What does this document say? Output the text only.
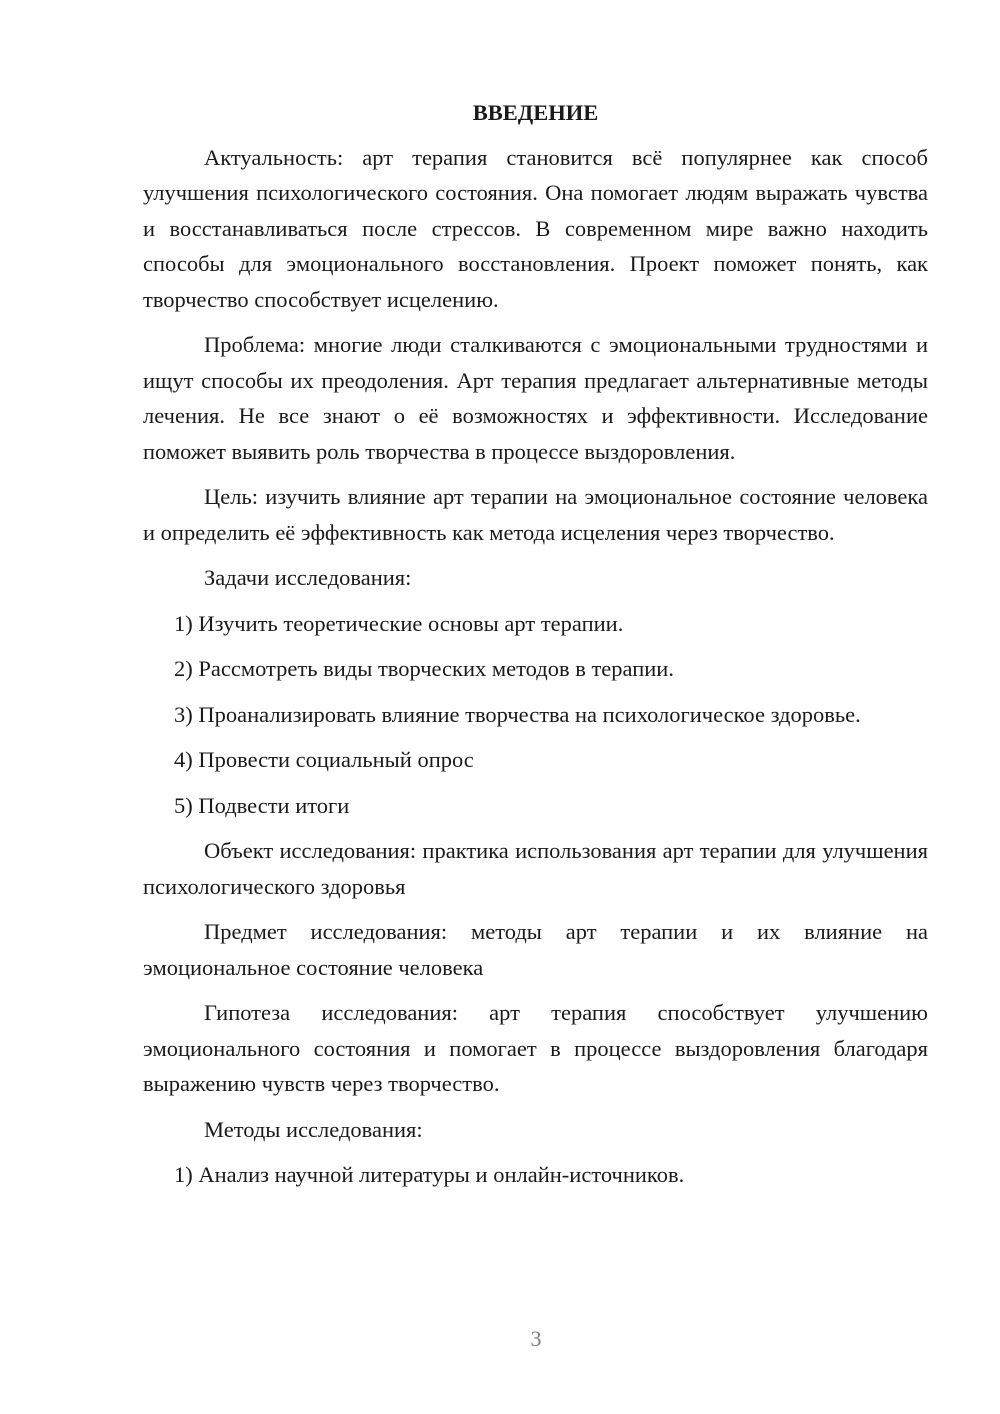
ВВЕДЕНИЕ

Актуальность: арт терапия становится всё популярнее как способ улучшения психологического состояния. Она помогает людям выражать чувства и восстанавливаться после стрессов. В современном мире важно находить способы для эмоционального восстановления. Проект поможет понять, как творчество способствует исцелению.

Проблема: многие люди сталкиваются с эмоциональными трудностями и ищут способы их преодоления. Арт терапия предлагает альтернативные методы лечения. Не все знают о её возможностях и эффективности. Исследование поможет выявить роль творчества в процессе выздоровления.

Цель: изучить влияние арт терапии на эмоциональное состояние человека и определить её эффективность как метода исцеления через творчество.

Задачи исследования:

1) Изучить теоретические основы арт терапии.

2) Рассмотреть виды творческих методов в терапии.

3) Проанализировать влияние творчества на психологическое здоровье.

4) Провести социальный опрос

5) Подвести итоги

Объект исследования: практика использования арт терапии для улучшения психологического здоровья

Предмет исследования: методы арт терапии и их влияние на эмоциональное состояние человека

Гипотеза исследования: арт терапия способствует улучшению эмоционального состояния и помогает в процессе выздоровления благодаря выражению чувств через творчество.

Методы исследования:

1) Анализ научной литературы и онлайн-источников.

3
